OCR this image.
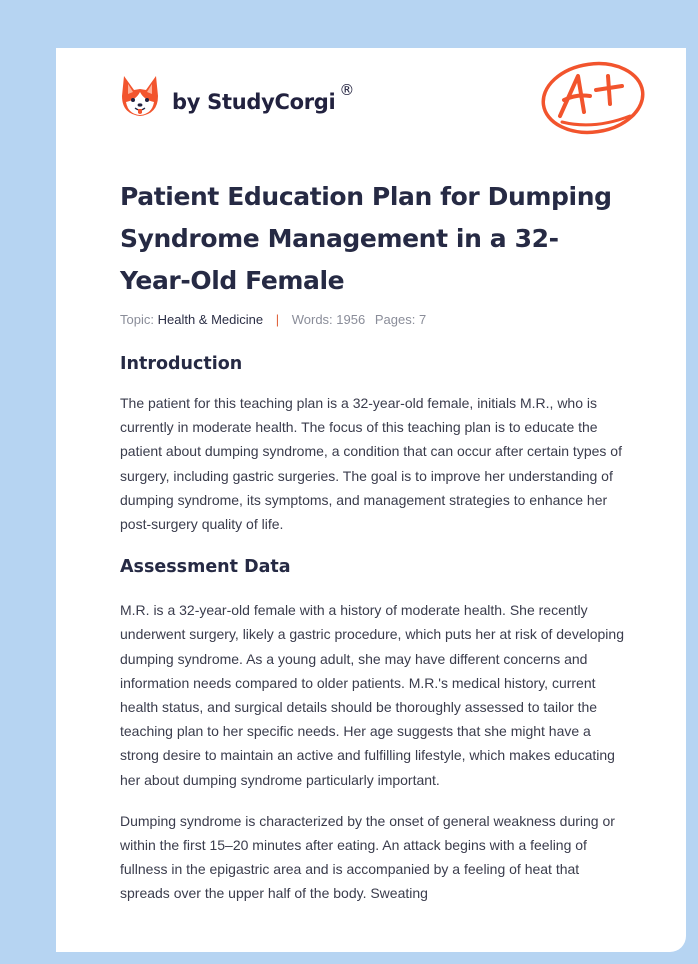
by StudyCorgi ®
Patient Education Plan for Dumping Syndrome Management in a 32-Year-Old Female
Topic: Health & Medicine | Words: 1956 Pages: 7
Introduction

The patient for this teaching plan is a 32-year-old female, initials M.R., who is currently in moderate health. The focus of this teaching plan is to educate the patient about dumping syndrome, a condition that can occur after certain types of surgery, including gastric surgeries. The goal is to improve her understanding of dumping syndrome, its symptoms, and management strategies to enhance her post-surgery quality of life.

Assessment Data

M.R. is a 32-year-old female with a history of moderate health. She recently underwent surgery, likely a gastric procedure, which puts her at risk of developing dumping syndrome. As a young adult, she may have different concerns and information needs compared to older patients. M.R.'s medical history, current health status, and surgical details should be thoroughly assessed to tailor the teaching plan to her specific needs. Her age suggests that she might have a strong desire to maintain an active and fulfilling lifestyle, which makes educating her about dumping syndrome particularly important.

Dumping syndrome is characterized by the onset of general weakness during or within the first 15–20 minutes after eating. An attack begins with a feeling of fullness in the epigastric area and is accompanied by a feeling of heat that spreads over the upper half of the body. Sweating
